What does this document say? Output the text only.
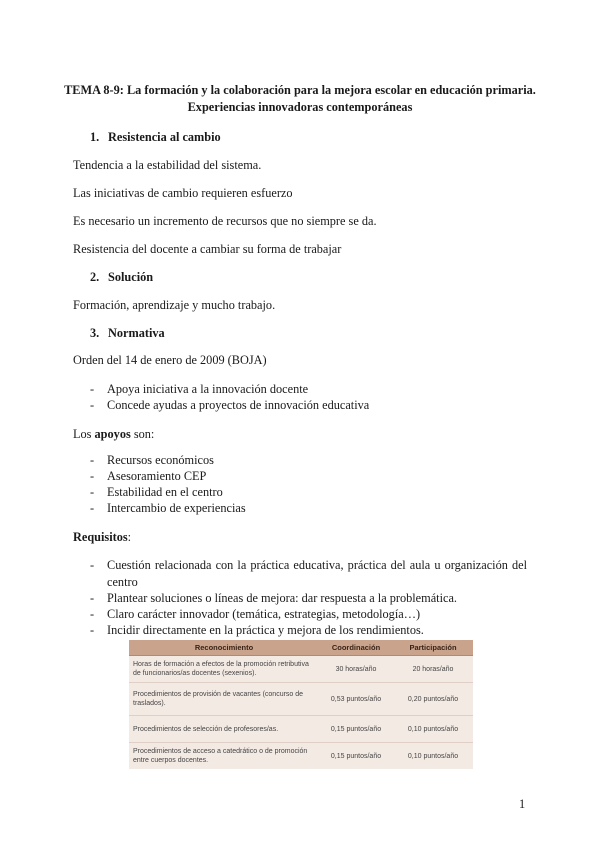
TEMA 8-9: La formación y la colaboración para la mejora escolar en educación primaria. Experiencias innovadoras contemporáneas
1. Resistencia al cambio
Tendencia a la estabilidad del sistema.
Las iniciativas de cambio requieren esfuerzo
Es necesario un incremento de recursos que no siempre se da.
Resistencia del docente a cambiar su forma de trabajar
2. Solución
Formación, aprendizaje y mucho trabajo.
3. Normativa
Orden del 14 de enero de 2009 (BOJA)
- Apoya iniciativa a la innovación docente
- Concede ayudas a proyectos de innovación educativa
Los apoyos son:
- Recursos económicos
- Asesoramiento CEP
- Estabilidad en el centro
- Intercambio de experiencias
Requisitos:
- Cuestión relacionada con la práctica educativa, práctica del aula u organización del centro
- Plantear soluciones o líneas de mejora: dar respuesta a la problemática.
- Claro carácter innovador (temática, estrategias, metodología…)
- Incidir directamente en la práctica y mejora de los rendimientos.
Reconocimiento	Coordinación	Participación
Horas de formación a efectos de la promoción retributiva de funcionarios/as docentes (sexenios).	30 horas/año	20 horas/año
Procedimientos de provisión de vacantes (concurso de traslados).	0,53 puntos/año	0,20 puntos/año
Procedimientos de selección de profesores/as.	0,15 puntos/año	0,10 puntos/año
Procedimientos de acceso a catedrático o de promoción entre cuerpos docentes.	0,15 puntos/año	0,10 puntos/año
1
